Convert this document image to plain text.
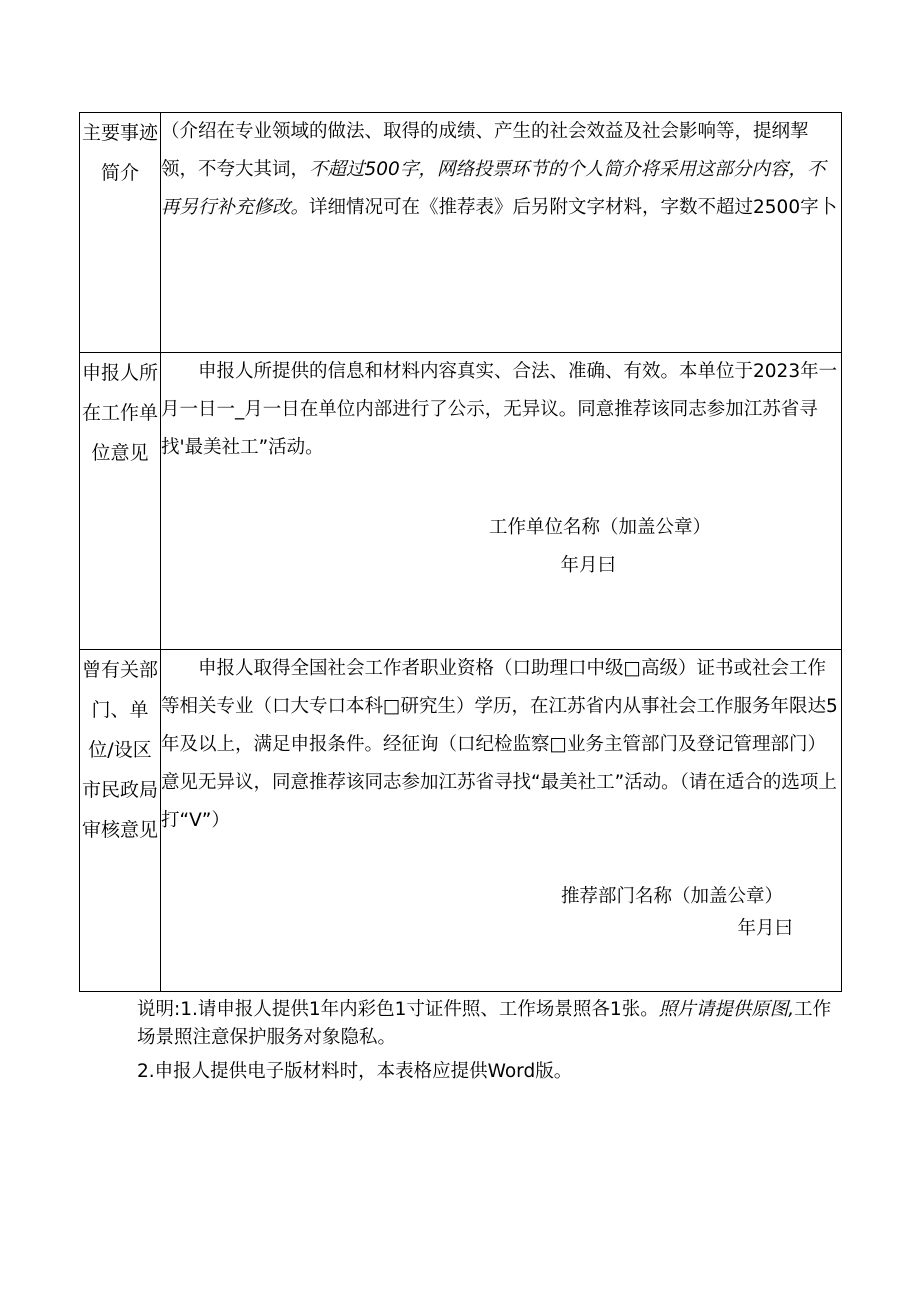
主要事迹简介	（介绍在专业领域的做法、取得的成绩、产生的社会效益及社会影响等，提纲挈领，不夸大其词，不超过500字，网络投票环节的个人简介将采用这部分内容，不再另行补充修改。详细情况可在《推荐表》后另附文字材料，字数不超过2500字卜

申报人所在工作单位意见	申报人所提供的信息和材料内容真实、合法、准确、有效。本单位于2023年一月一日一_月一日在单位内部进行了公示，无异议。同意推荐该同志参加江苏省寻找'最美社工”活动。
工作单位名称（加盖公章）
年月曰

曾有关部门、单位/设区市民政局审核意见	申报人取得全国社会工作者职业资格（口助理口中级□高级）证书或社会工作等相关专业（口大专口本科□研究生）学历，在江苏省内从事社会工作服务年限达5年及以上，满足申报条件。经征询（口纪检监察□业务主管部门及登记管理部门）意见无异议，同意推荐该同志参加江苏省寻找“最美社工”活动。（请在适合的选项上打“V”）
推荐部门名称（加盖公章）
年月曰

说明:1.请申报人提供1年内彩色1寸证件照、工作场景照各1张。照片请提供原图,工作场景照注意保护服务对象隐私。

2.申报人提供电子版材料时，本表格应提供Word版。
